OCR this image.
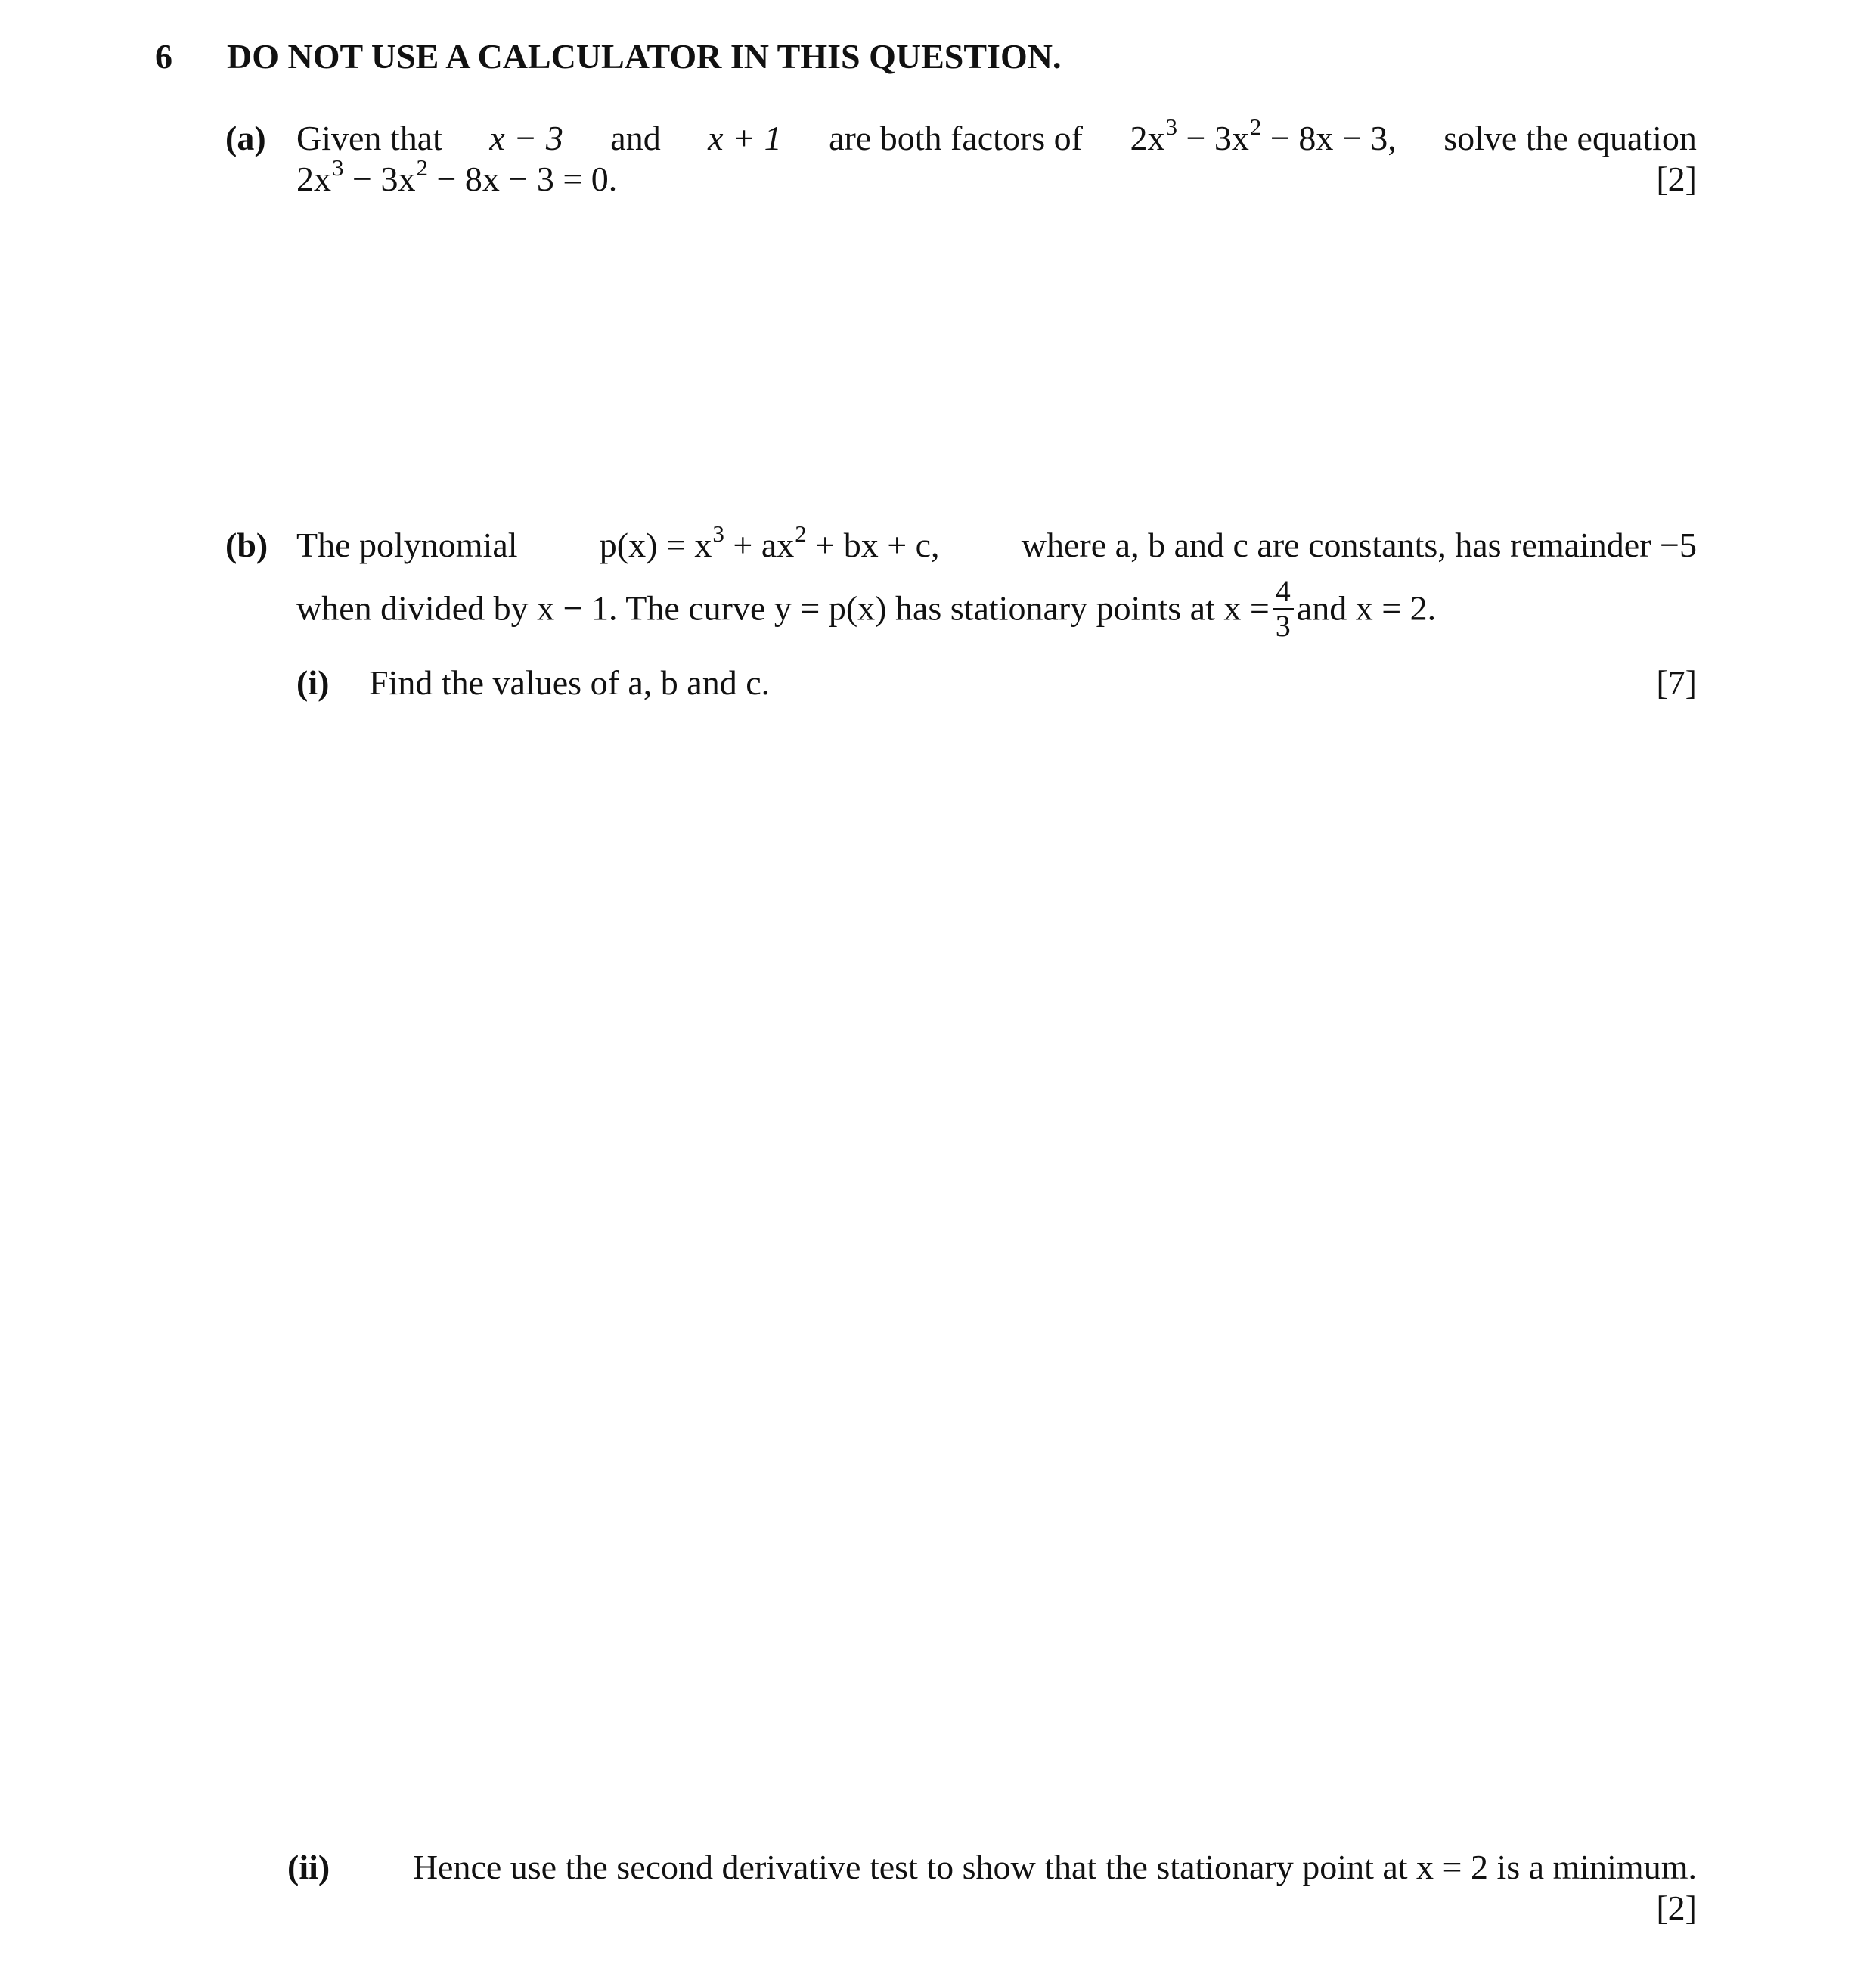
6 DO NOT USE A CALCULATOR IN THIS QUESTION.
(a) Given that x − 3 and x + 1 are both factors of $2x^3 - 3x^2 - 8x - 3$, solve the equation
$2x^3 - 3x^2 - 8x - 3 = 0$.	[2]
(b) The polynomial $p(x) = x^3 + ax^2$ + bx + c, where a, b and c are constants, has remainder −5
when divided by x − 1. The curve y = p(x) has stationary points at $x = \frac{4}{3}$ and x = 2.
(i) Find the values of a, b and c.	[7]
(ii)	Hence use the second derivative test to show that the stationary point at x = 2 is a minimum.
[2]
